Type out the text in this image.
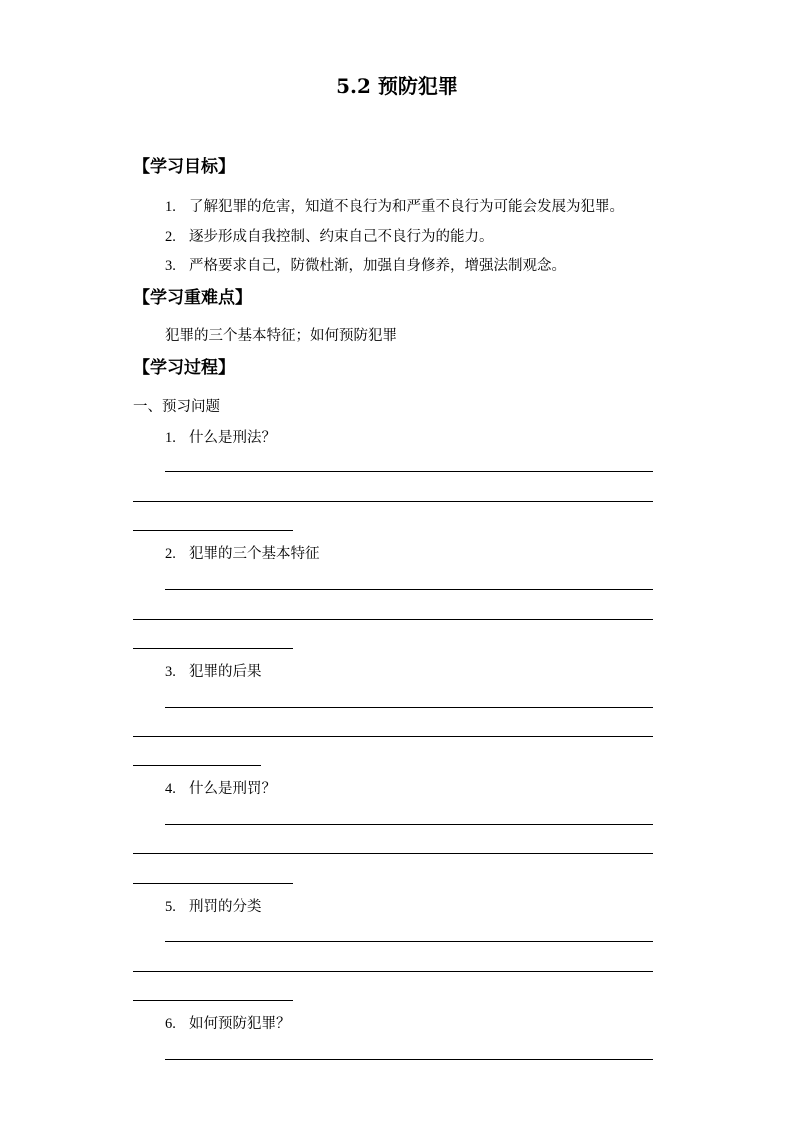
5.2 预防犯罪
【学习目标】
1. 了解犯罪的危害，知道不良行为和严重不良行为可能会发展为犯罪。
2. 逐步形成自我控制、约束自己不良行为的能力。
3. 严格要求自己，防微杜渐，加强自身修养，增强法制观念。
【学习重难点】
犯罪的三个基本特征；如何预防犯罪
【学习过程】
一、预习问题
1. 什么是刑法？
2. 犯罪的三个基本特征
3. 犯罪的后果
4. 什么是刑罚？
5. 刑罚的分类
6. 如何预防犯罪？
